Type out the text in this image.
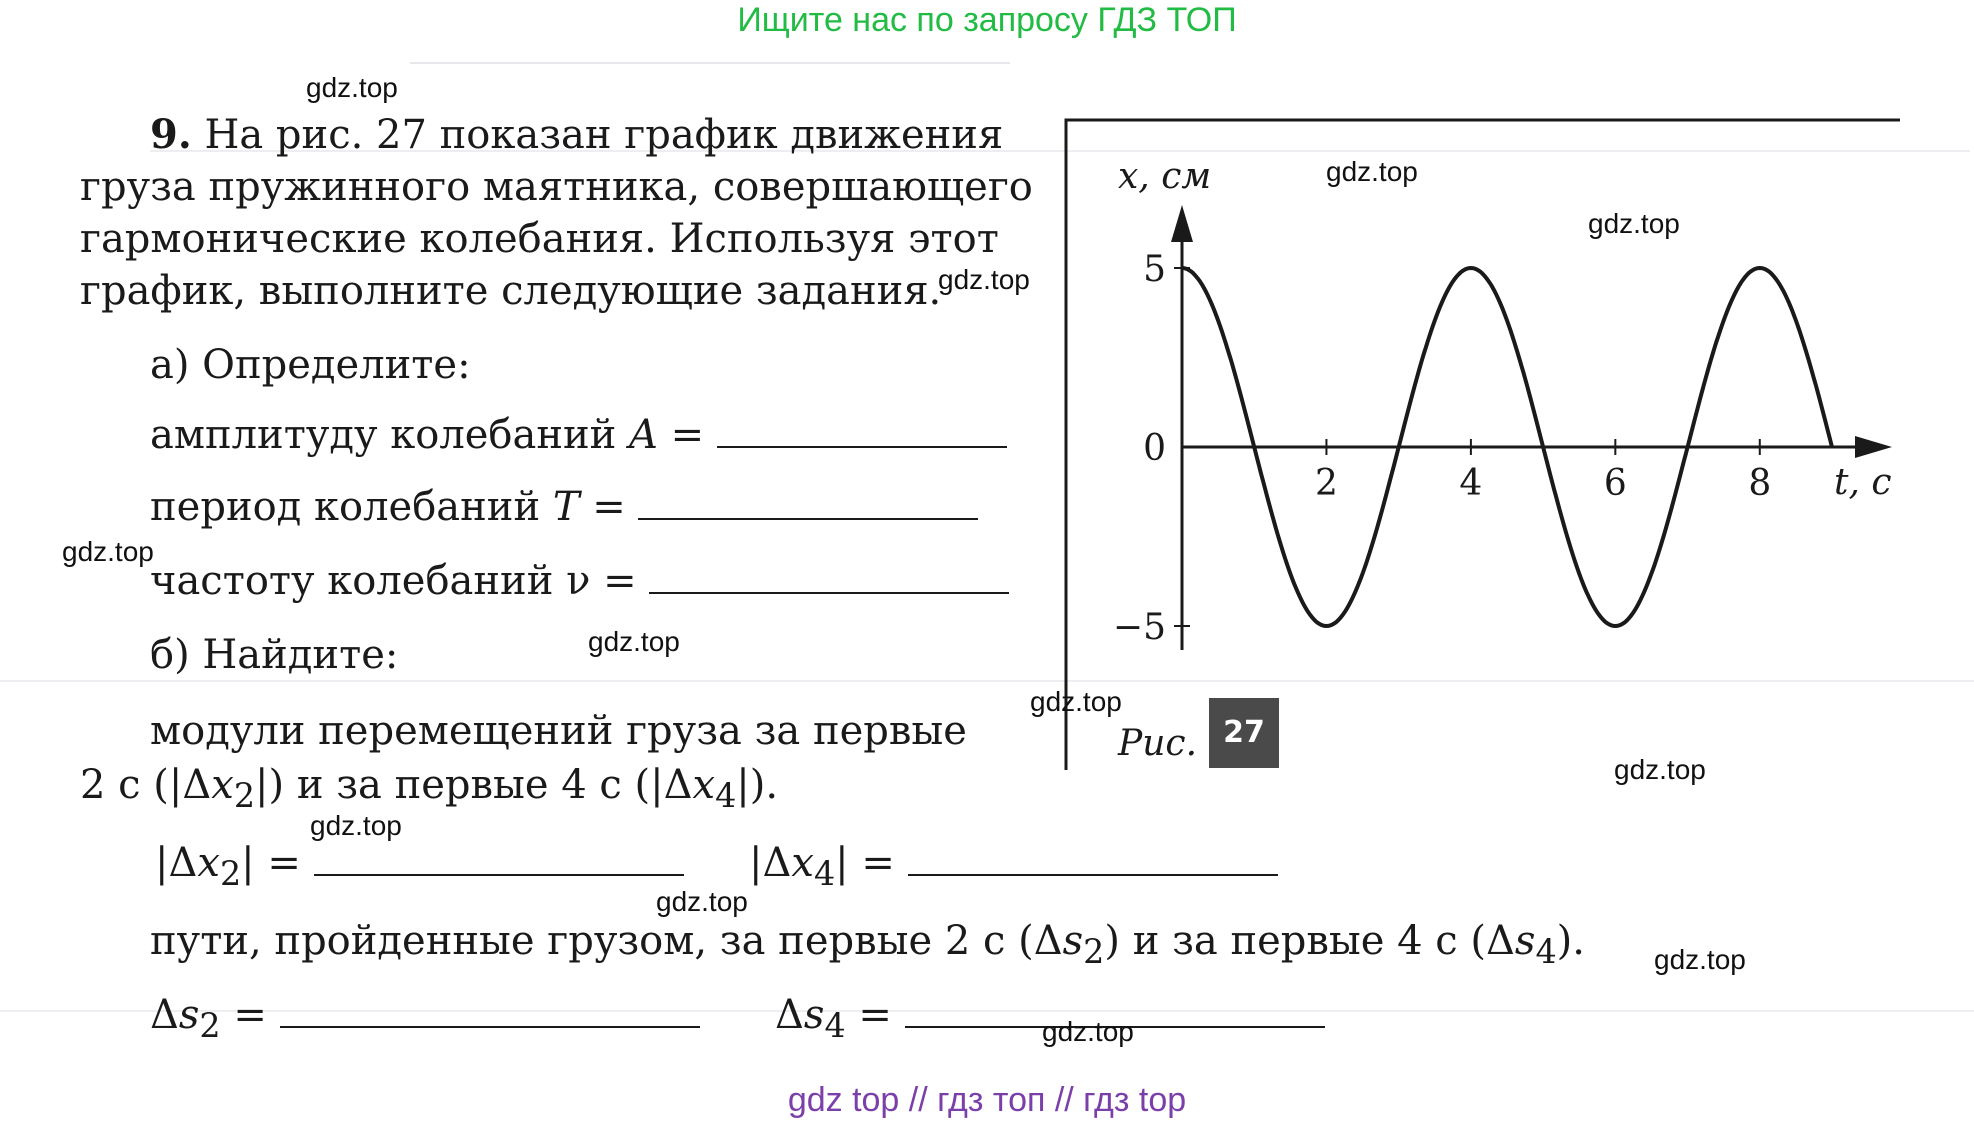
Ищите нас по запросу ГДЗ ТОП
gdz top // гдз топ // гдз top
9. На рис. 27 показан график движения
груза пружинного маятника, совершающего
гармонические колебания. Используя этот
график, выполните следующие задания.
а) Определите:
амплитуду колебаний A =
период колебаний T =
частоту колебаний ν =
б) Найдите:
модули перемещений груза за первые
2 с $(|\Delta x_2|)$ и за первые 4 с $(|\Delta x_4|)$.
$|\Delta x_2|$ =	$|\Delta x_4|$ =
пути, пройденные грузом, за первые 2 с $(\Delta s_2)$ и за первые 4 с $(\Delta s_4)$.
$\Delta s_2$ =	$\Delta s_4$ =
5
0
−5
2	4	6	8
x, см
t, с
Рис. 27
gdz.top
gdz.top
gdz.top
gdz.top
gdz.top
gdz.top
gdz.top
gdz.top
gdz.top
gdz.top
gdz.top
gdz.top
